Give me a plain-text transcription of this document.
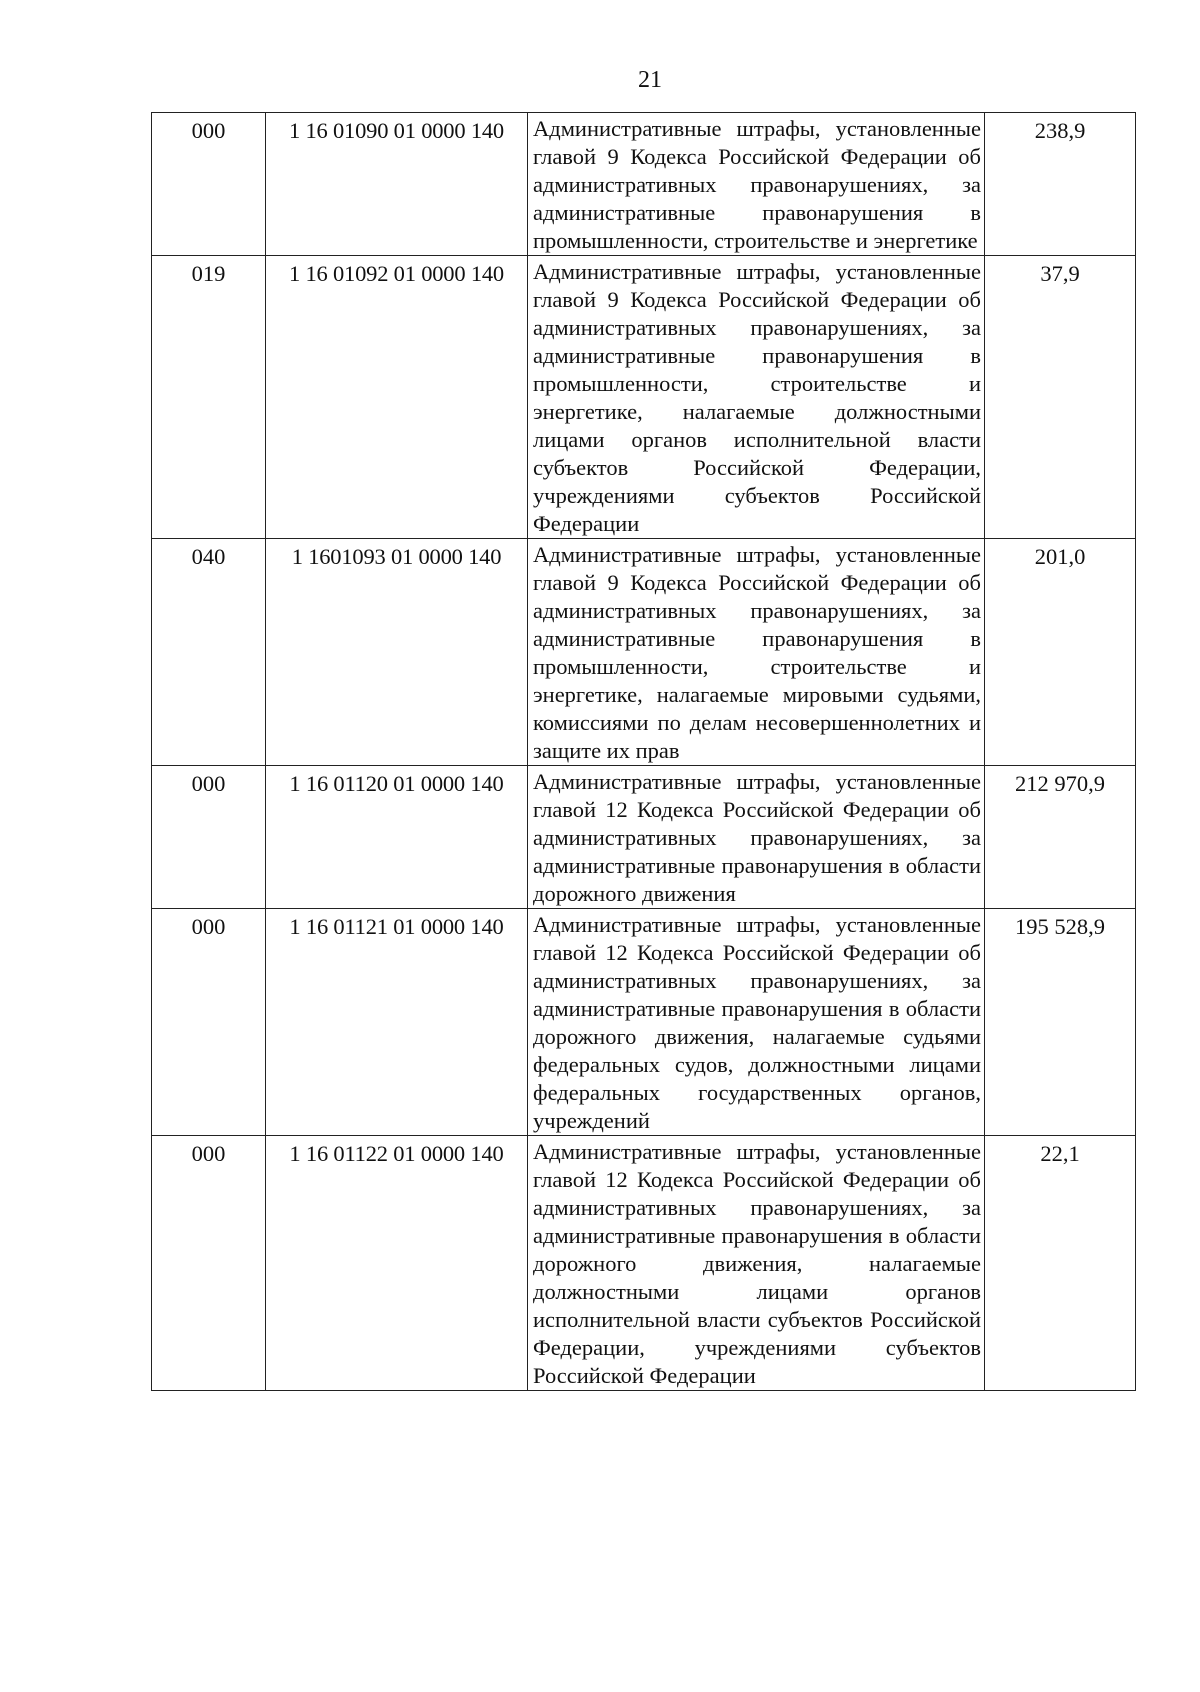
21
000	1 16 01090 01 0000 140	Административные штрафы, установленные главой 9 Кодекса Российской Федерации об административных правонарушениях, за административные правонарушения в промышленности, строительстве и энергетике	238,9
019	1 16 01092 01 0000 140	Административные штрафы, установленные главой 9 Кодекса Российской Федерации об административных правонарушениях, за административные правонарушения в промышленности, строительстве и энергетике, налагаемые должностными лицами органов исполнительной власти субъектов Российской Федерации, учреждениями субъектов Российской Федерации	37,9
040	1 1601093 01 0000 140	Административные штрафы, установленные главой 9 Кодекса Российской Федерации об административных правонарушениях, за административные правонарушения в промышленности, строительстве и энергетике, налагаемые мировыми судьями, комиссиями по делам несовершеннолетних и защите их прав	201,0
000	1 16 01120 01 0000 140	Административные штрафы, установленные главой 12 Кодекса Российской Федерации об административных правонарушениях, за административные правонарушения в области дорожного движения	212 970,9
000	1 16 01121 01 0000 140	Административные штрафы, установленные главой 12 Кодекса Российской Федерации об административных правонарушениях, за административные правонарушения в области дорожного движения, налагаемые судьями федеральных судов, должностными лицами федеральных государственных органов, учреждений	195 528,9
000	1 16 01122 01 0000 140	Административные штрафы, установленные главой 12 Кодекса Российской Федерации об административных правонарушениях, за административные правонарушения в области дорожного движения, налагаемые должностными лицами органов исполнительной власти субъектов Российской Федерации, учреждениями субъектов Российской Федерации	22,1
